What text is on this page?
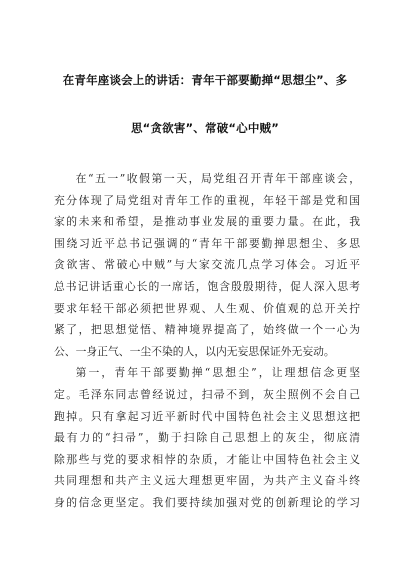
在青年座谈会上的讲话：青年干部要勤掸“思想尘”、多
思“贪欲害”、常破“心中贼”
在“五一”收假第一天，局党组召开青年干部座谈会，
充分体现了局党组对青年工作的重视，年轻干部是党和国
家的未来和希望，是推动事业发展的重要力量。在此，我
围绕习近平总书记强调的“青年干部要勤掸思想尘、多思
贪欲害、常破心中贼”与大家交流几点学习体会。习近平
总书记讲话重心长的一席话，饱含殷殷期待，促人深入思考
要求年轻干部必须把世界观、人生观、价值观的总开关拧
紧了，把思想觉悟、精神境界提高了，始终做一个一心为
公、一身正气、一尘不染的人，以内无妄思保证外无妄动。
第一，青年干部要勤掸“思想尘”，让理想信念更坚
定。毛泽东同志曾经说过，扫帚不到，灰尘照例不会自己
跑掉。只有拿起习近平新时代中国特色社会主义思想这把
最有力的“扫帚”，勤于扫除自己思想上的灰尘，彻底清
除那些与党的要求相悖的杂质，才能让中国特色社会主义
共同理想和共产主义远大理想更牢固，为共产主义奋斗终
身的信念更坚定。我们要持续加强对党的创新理论的学习
